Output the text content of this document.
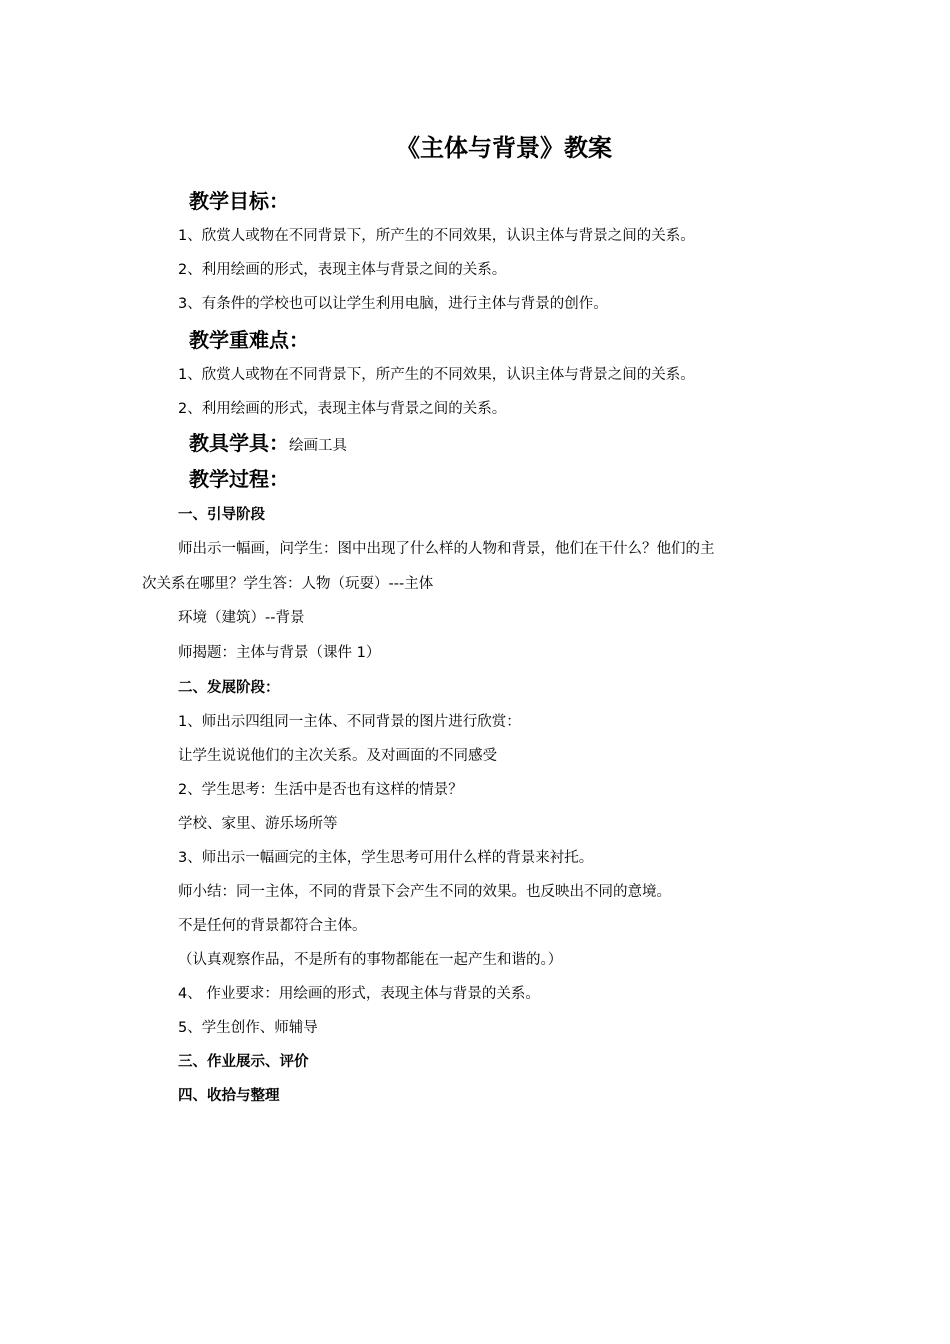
《主体与背景》教案
教学目标：
1、欣赏人或物在不同背景下，所产生的不同效果，认识主体与背景之间的关系。
2、利用绘画的形式，表现主体与背景之间的关系。
3、有条件的学校也可以让学生利用电脑，进行主体与背景的创作。
教学重难点：
1、欣赏人或物在不同背景下，所产生的不同效果，认识主体与背景之间的关系。
2、利用绘画的形式，表现主体与背景之间的关系。
教具学具：绘画工具
教学过程：
一、引导阶段
师出示一幅画，问学生：图中出现了什么样的人物和背景，他们在干什么？他们的主
次关系在哪里？学生答：人物（玩耍）---主体
环境（建筑）--背景
师揭题：主体与背景（课件 1）
二、发展阶段：
1、师出示四组同一主体、不同背景的图片进行欣赏：
让学生说说他们的主次关系。及对画面的不同感受
2、学生思考：生活中是否也有这样的情景？
学校、家里、游乐场所等
3、师出示一幅画完的主体，学生思考可用什么样的背景来衬托。
师小结：同一主体，不同的背景下会产生不同的效果。也反映出不同的意境。
不是任何的背景都符合主体。
（认真观察作品，不是所有的事物都能在一起产生和谐的。）
4、 作业要求：用绘画的形式，表现主体与背景的关系。
5、学生创作、师辅导
三、作业展示、评价
四、收拾与整理
